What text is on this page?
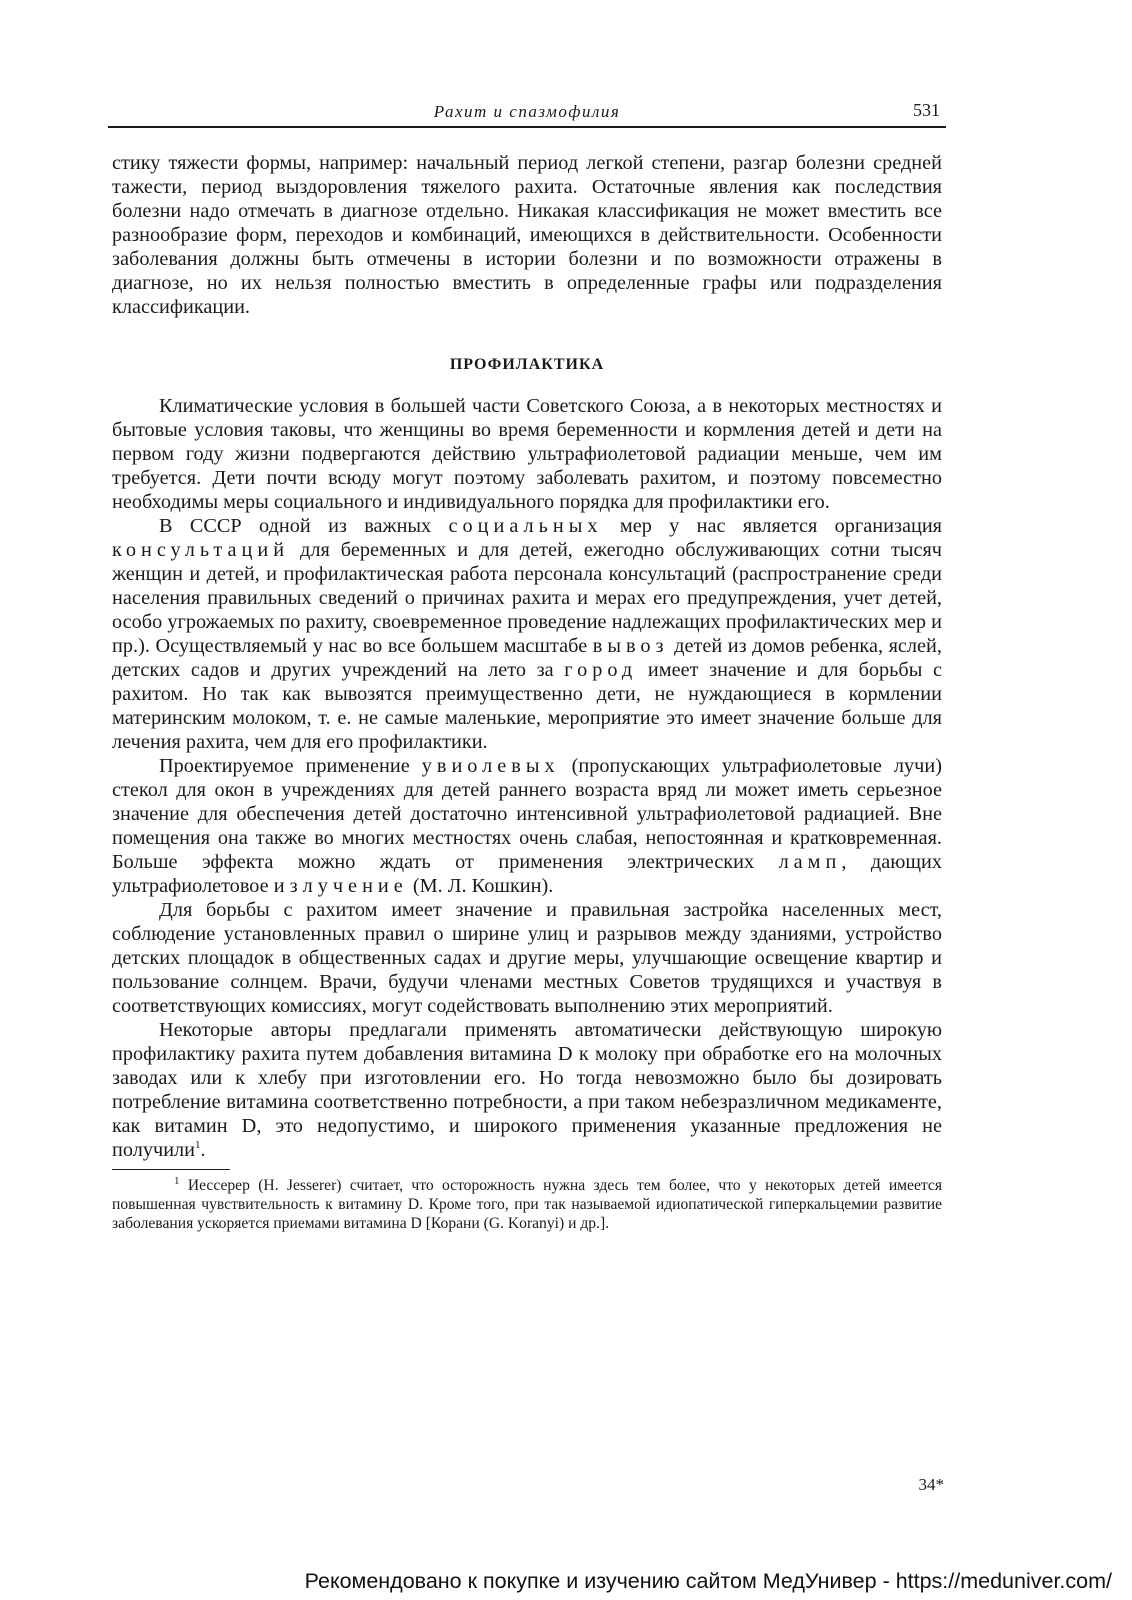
Рахит и спазмофилия	531

стику тяжести формы, например: начальный период легкой степени, разгар болезни средней тажести, период выздоровления тяжелого рахита. Остаточные явления как последствия болезни надо отмечать в диагнозе отдельно. Никакая классификация не может вместить все разнообразие форм, переходов и комбинаций, имеющихся в действительности. Особенности заболевания должны быть отмечены в истории болезни и по возможности отражены в диагнозе, но их нельзя полностью вместить в определенные графы или подразделения классификации.

ПРОФИЛАКТИКА

Климатические условия в большей части Советского Союза, а в некоторых местностях и бытовые условия таковы, что женщины во время беременности и кормления детей и дети на первом году жизни подвергаются действию ультрафиолетовой радиации меньше, чем им требуется. Дети почти всюду могут поэтому заболевать рахитом, и поэтому повсеместно необходимы меры социального и индивидуального порядка для профилактики его.

В СССР одной из важных социальных мер у нас является организация консультаций для беременных и для детей, ежегодно обслуживающих сотни тысяч женщин и детей, и профилактическая работа персонала консультаций (распространение среди населения правильных сведений о причинах рахита и мерах его предупреждения, учет детей, особо угрожаемых по рахиту, своевременное проведение надлежащих профилактических мер и пр.). Осуществляемый у нас во все большем масштабе вывоз детей из домов ребенка, яслей, детских садов и других учреждений на лето за город имеет значение и для борьбы с рахитом. Но так как вывозятся преимущественно дети, не нуждающиеся в кормлении материнским молоком, т. е. не самые маленькие, мероприятие это имеет значение больше для лечения рахита, чем для его профилактики.

Проектируемое применение увиолевых (пропускающих ультрафиолетовые лучи) стекол для окон в учреждениях для детей раннего возраста вряд ли может иметь серьезное значение для обеспечения детей достаточно интенсивной ультрафиолетовой радиацией. Вне помещения она также во многих местностях очень слабая, непостоянная и кратковременная. Больше эффекта можно ждать от применения электрических ламп, дающих ультрафиолетовое излучение (М. Л. Кошкин).

Для борьбы с рахитом имеет значение и правильная застройка населенных мест, соблюдение установленных правил о ширине улиц и разрывов между зданиями, устройство детских площадок в общественных садах и другие меры, улучшающие освещение квартир и пользование солнцем. Врачи, будучи членами местных Советов трудящихся и участвуя в соответствующих комиссиях, могут содействовать выполнению этих мероприятий.

Некоторые авторы предлагали применять автоматически действующую широкую профилактику рахита путем добавления витамина D к молоку при обработке его на молочных заводах или к хлебу при изготовлении его. Но тогда невозможно было бы дозировать потребление витамина соответственно потребности, а при таком небезразличном медикаменте, как витамин D, это недопустимо, и широкого применения указанные предложения не получили$^1$.

$^1$ Иессерер (H. Jesserer) считает, что осторожность нужна здесь тем более, что у некоторых детей имеется повышенная чувствительность к витамину D. Кроме того, при так называемой идиопатической гиперкальцемии развитие заболевания ускоряется приемами витамина D [Корани (G. Koranyi) и др.].

34*
Рекомендовано к покупке и изучению сайтом МедУнивер - https://meduniver.com/
